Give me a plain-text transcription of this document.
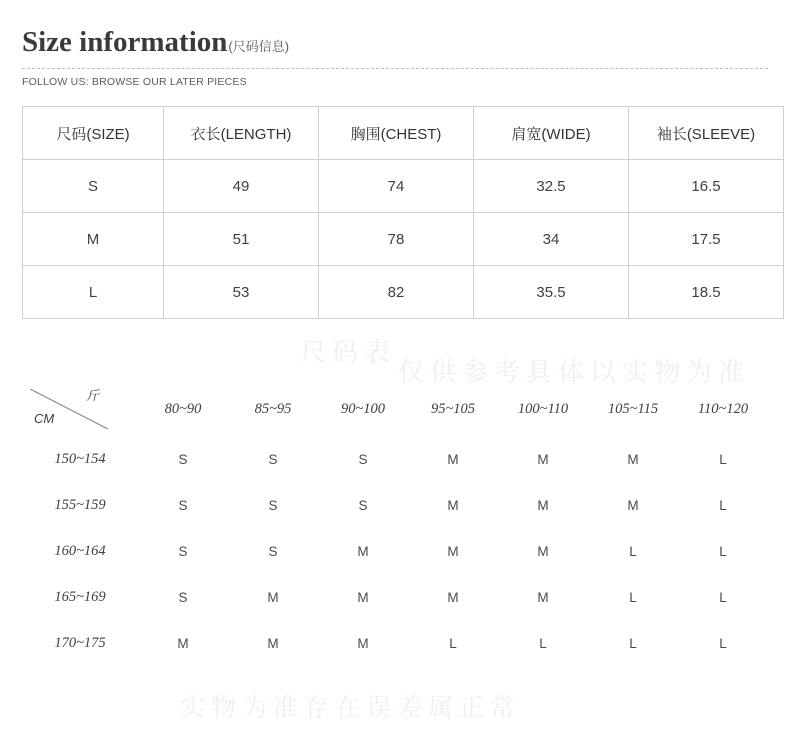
Size information (尺码信息)
FOLLOW US: BROWSE OUR LATER PIECES
尺码(SIZE)	衣长(LENGTH)	胸围(CHEST)	肩宽(WIDE)	袖长(SLEEVE)
S	49	74	32.5	16.5
M	51	78	34	17.5
L	53	82	35.5	18.5
尺码表
仅供参考具体以实物为准
实物为准存在误差属正常
斤
CM	80~90	85~95	90~100	95~105	100~110	105~115	110~120
150~154	S	S	S	M	M	M	L
155~159	S	S	S	M	M	M	L
160~164	S	S	M	M	M	L	L
165~169	S	M	M	M	M	L	L
170~175	M	M	M	L	L	L	L
